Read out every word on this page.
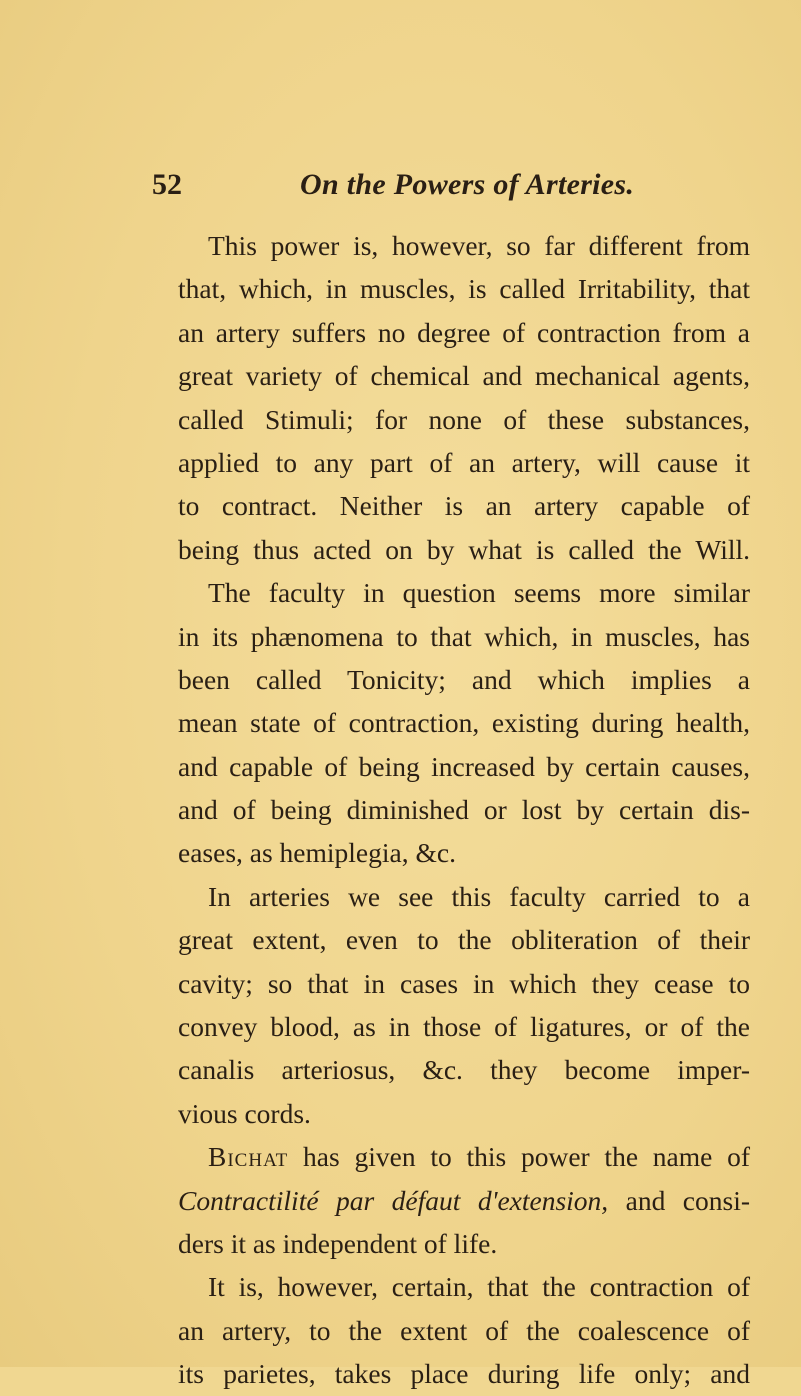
52	On the Powers of Arteries.
This power is, however, so far different from
that, which, in muscles, is called Irritability, that
an artery suffers no degree of contraction from a
great variety of chemical and mechanical agents,
called Stimuli; for none of these substances,
applied to any part of an artery, will cause it
to contract. Neither is an artery capable of
being thus acted on by what is called the Will.
The faculty in question seems more similar
in its phænomena to that which, in muscles, has
been called Tonicity; and which implies a
mean state of contraction, existing during health,
and capable of being increased by certain causes,
and of being diminished or lost by certain dis-
eases, as hemiplegia, &c.
In arteries we see this faculty carried to a
great extent, even to the obliteration of their
cavity; so that in cases in which they cease to
convey blood, as in those of ligatures, or of the
canalis arteriosus, &c. they become imper-
vious cords.
Bichat has given to this power the name of
Contractilité par défaut d'extension, and consi-
ders it as independent of life.
It is, however, certain, that the contraction of
an artery, to the extent of the coalescence of
its parietes, takes place during life only; and
